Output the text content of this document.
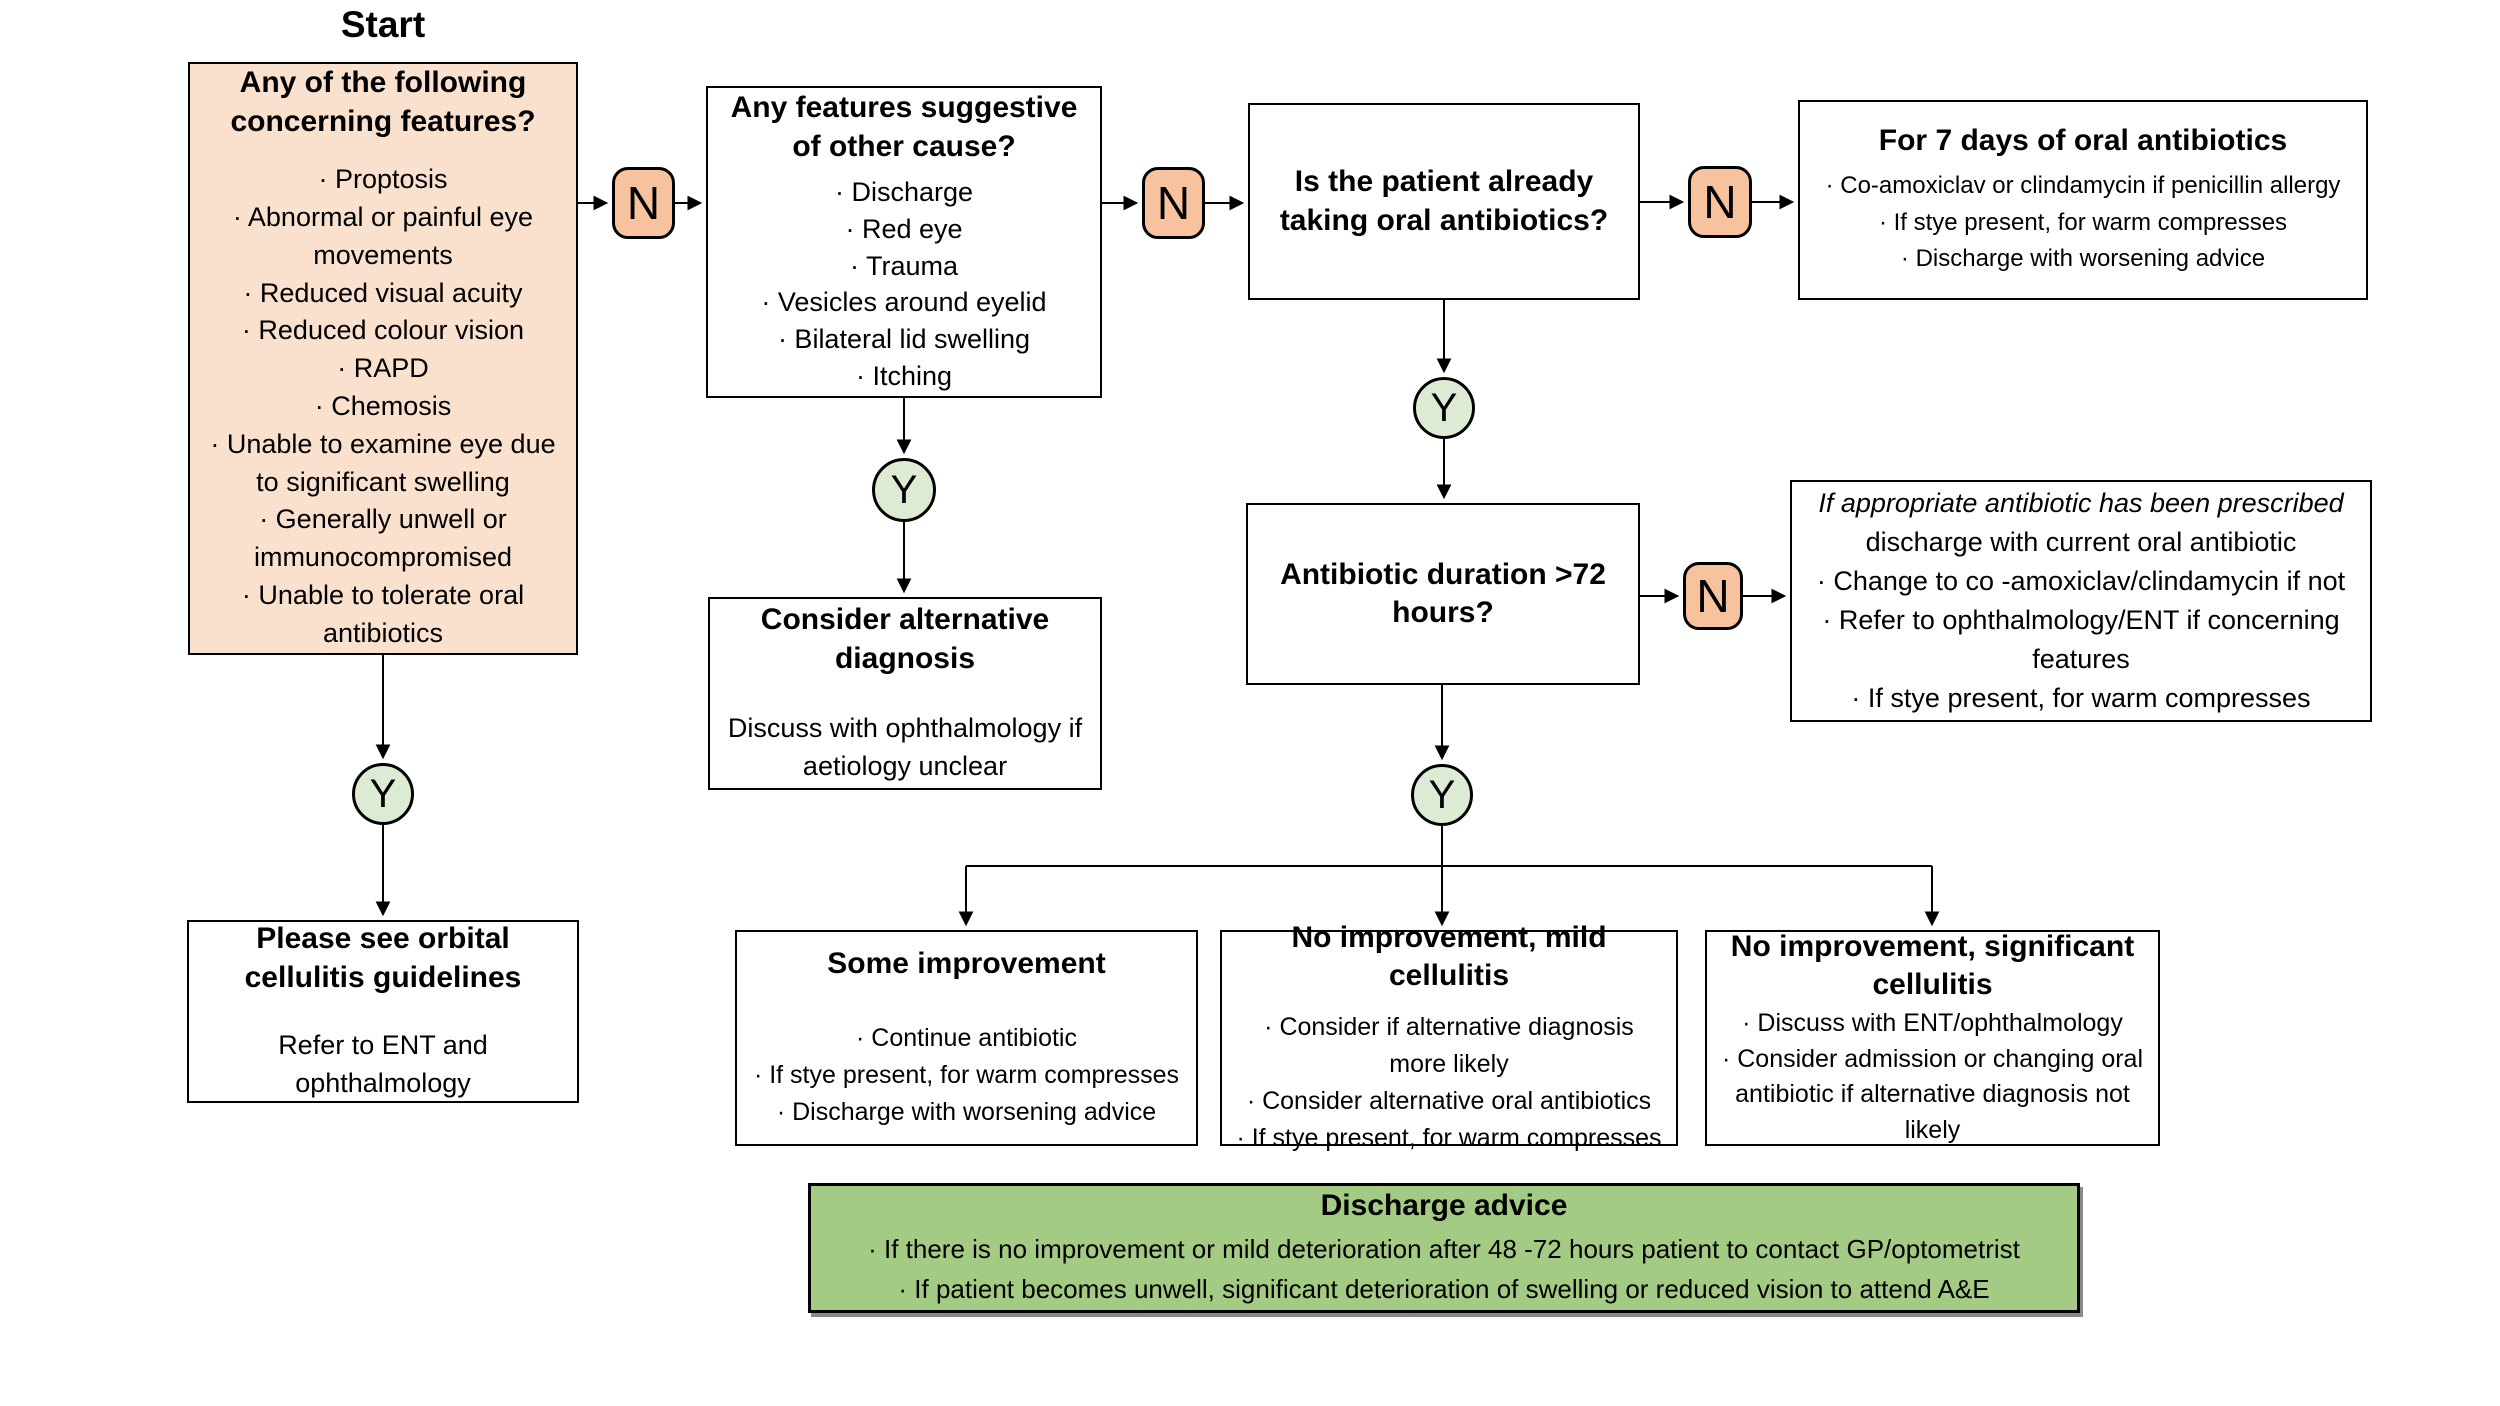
Start
Any of the following concerning features?
· Proptosis
· Abnormal or painful eye movements
· Reduced visual acuity
· Reduced colour vision
· RAPD
· Chemosis
· Unable to examine eye due to significant swelling
· Generally unwell or immunocompromised
· Unable to tolerate oral antibiotics
N
Any features suggestive of other cause?
· Discharge
· Red eye
· Trauma
· Vesicles around eyelid
· Bilateral lid swelling
· Itching
N	Is the patient already taking oral antibiotics?	N
For 7 days of oral antibiotics
· Co-amoxiclav or clindamycin if penicillin allergy
· If stye present, for warm compresses
· Discharge with worsening advice
Y
Consider alternative diagnosis
Discuss with ophthalmology if aetiology unclear
Y
Antibiotic duration >72 hours?	N
If appropriate antibiotic has been prescribed
discharge with current oral antibiotic
· Change to co -amoxiclav/clindamycin if not
· Refer to ophthalmology/ENT if concerning features
· If stye present, for warm compresses
Y	Y
Please see orbital cellulitis guidelines
Refer to ENT and ophthalmology
Some improvement
· Continue antibiotic
· If stye present, for warm compresses
· Discharge with worsening advice
No improvement, mild cellulitis
· Consider if alternative diagnosis more likely
· Consider alternative oral antibiotics
· If stye present, for warm compresses
No improvement, significant cellulitis
· Discuss with ENT/ophthalmology
· Consider admission or changing oral antibiotic if alternative diagnosis not likely
Discharge advice
· If there is no improvement or mild deterioration after 48 -72 hours patient to contact GP/optometrist
· If patient becomes unwell, significant deterioration of swelling or reduced vision to attend A&E
